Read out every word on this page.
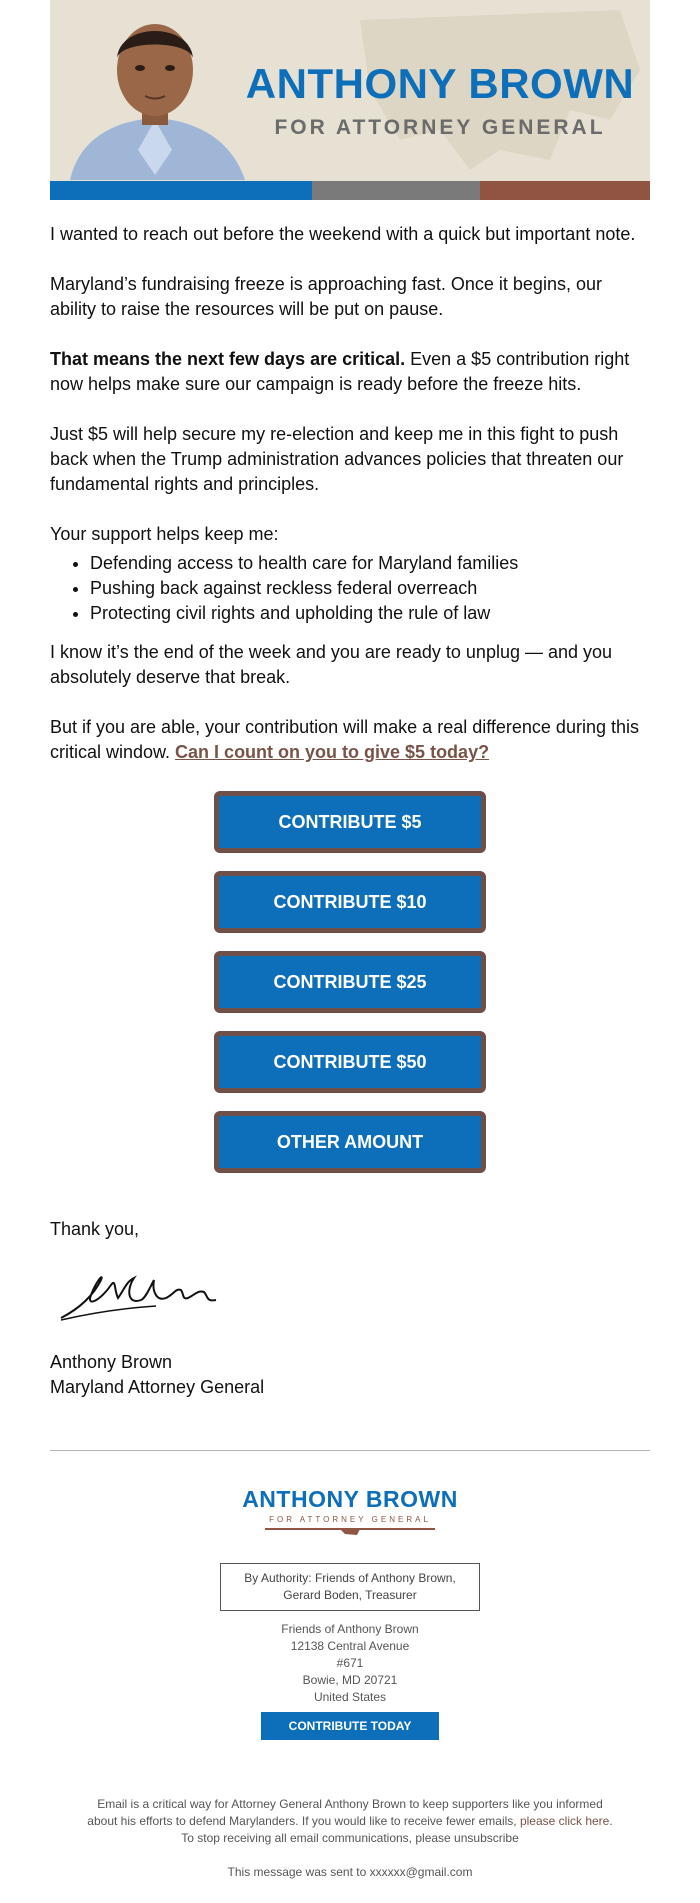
ANTHONY BROWN
FOR ATTORNEY GENERAL

I wanted to reach out before the weekend with a quick but important note.

Maryland’s fundraising freeze is approaching fast. Once it begins, our ability to raise the resources will be put on pause.

That means the next few days are critical. Even a $5 contribution right now helps make sure our campaign is ready before the freeze hits.

Just $5 will help secure my re-election and keep me in this fight to push back when the Trump administration advances policies that threaten our fundamental rights and principles.

Your support helps keep me:

• Defending access to health care for Maryland families
• Pushing back against reckless federal overreach
• Protecting civil rights and upholding the rule of law

I know it’s the end of the week and you are ready to unplug — and you absolutely deserve that break.

But if you are able, your contribution will make a real difference during this critical window. Can I count on you to give $5 today?

CONTRIBUTE $5
CONTRIBUTE $10
CONTRIBUTE $25
CONTRIBUTE $50
OTHER AMOUNT
Thank you,
Anthony Brown
Maryland Attorney General
ANTHONY BROWN
FOR ATTORNEY GENERAL
By Authority: Friends of Anthony Brown,
Gerard Boden, Treasurer
Friends of Anthony Brown
12138 Central Avenue
#671
Bowie, MD 20721
United States
CONTRIBUTE TODAY
Email is a critical way for Attorney General Anthony Brown to keep supporters like you informed
about his efforts to defend Marylanders. If you would like to receive fewer emails, please click here.
To stop receiving all email communications, please unsubscribe
This message was sent to xxxxxx@gmail.com
